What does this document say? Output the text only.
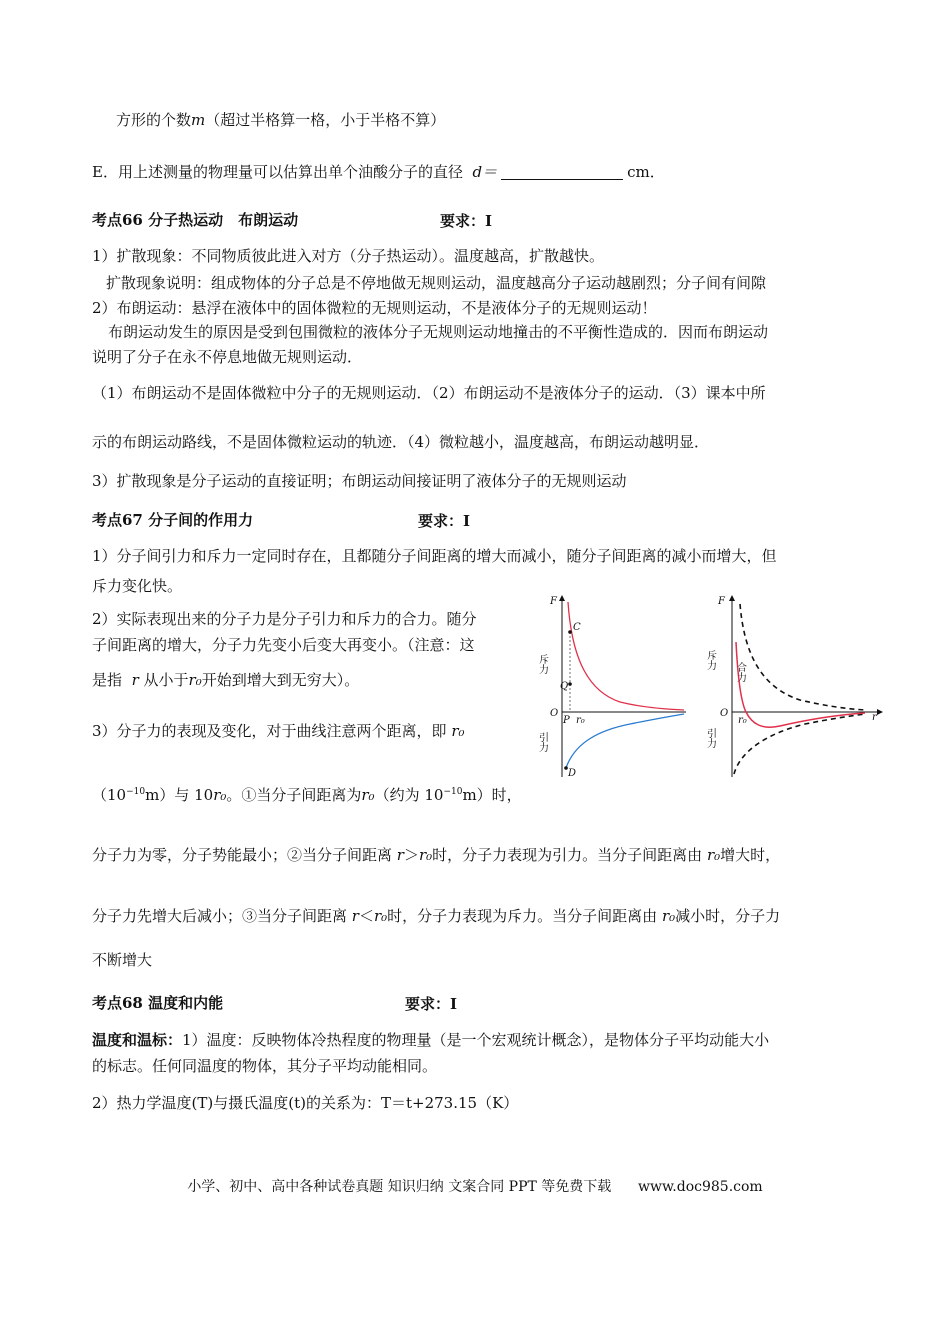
方形的个数m（超过半格算一格，小于半格不算）
E．用上述测量的物理量可以估算出单个油酸分子的直径 d＝	cm．
考点66 分子热运动　布朗运动	要求：Ⅰ
1）扩散现象：不同物质彼此进入对方（分子热运动）。温度越高，扩散越快。
扩散现象说明：组成物体的分子总是不停地做无规则运动，温度越高分子运动越剧烈；分子间有间隙
2）布朗运动：悬浮在液体中的固体微粒的无规则运动，不是液体分子的无规则运动！
布朗运动发生的原因是受到包围微粒的液体分子无规则运动地撞击的不平衡性造成的．因而布朗运动
说明了分子在永不停息地做无规则运动．
（1）布朗运动不是固体微粒中分子的无规则运动．（2）布朗运动不是液体分子的运动．（3）课本中所
示的布朗运动路线，不是固体微粒运动的轨迹．（4）微粒越小，温度越高，布朗运动越明显．
3）扩散现象是分子运动的直接证明；布朗运动间接证明了液体分子的无规则运动
考点67 分子间的作用力	要求：Ⅰ
1）分子间引力和斥力一定同时存在，且都随分子间距离的增大而减小，随分子间距离的减小而增大，但
斥力变化快。
2）实际表现出来的分子力是分子引力和斥力的合力。随分
子间距离的增大，分子力先变小后变大再变小。（注意：这
是指 r 从小于r₀开始到增大到无穷大）。
3）分子力的表现及变化，对于曲线注意两个距离，即 r₀
$(10^{-10}m)$与 10r₀。①当分子间距离为r₀（约为 $10^{-10}m$）时，
分子力为零，分子势能最小；②当分子间距离 r＞r₀时，分子力表现为引力。当分子间距离由 r₀增大时，
分子力先增大后减小；③当分子间距离 r＜r₀时，分子力表现为斥力。当分子间距离由 r₀减小时，分子力
不断增大
考点68 温度和内能	要求：Ⅰ
温度和温标：1）温度：反映物体冷热程度的物理量（是一个宏观统计概念），是物体分子平均动能大小
的标志。任何同温度的物体，其分子平均动能相同。
2）热力学温度(T)与摄氏温度(t)的关系为：T＝t+273.15（K）
F
C
Q
P
D
O
r₀
斥力
引力
F
r
O
r₀
合力
斥力
引力
小学、初中、高中各种试卷真题 知识归纳 文案合同 PPT 等免费下载 www.doc985.com
